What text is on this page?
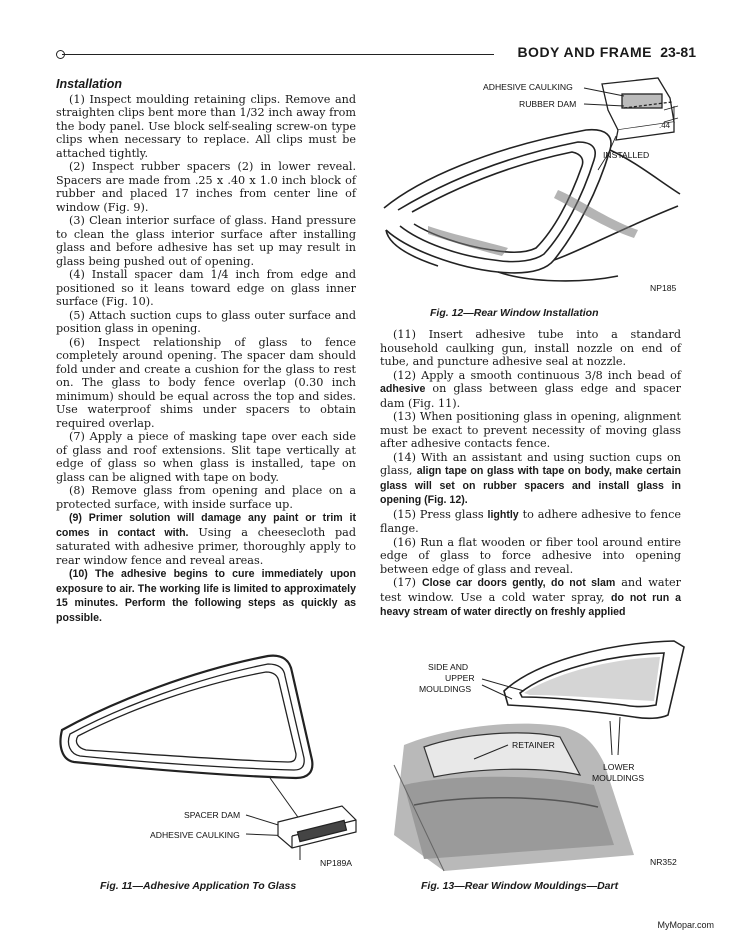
BODY AND FRAME 23-81

Installation

(1) Inspect moulding retaining clips. Remove and straighten clips bent more than 1/32 inch away from the body panel. Use block self-sealing screw-on type clips when necessary to replace. All clips must be attached tightly.

(2) Inspect rubber spacers (2) in lower reveal. Spacers are made from .25 x .40 x 1.0 inch block of rubber and placed 17 inches from center line of window (Fig. 9).

(3) Clean interior surface of glass. Hand pressure to clean the glass interior surface after installing glass and before adhesive has set up may result in glass being pushed out of opening.

(4) Install spacer dam 1/4 inch from edge and positioned so it leans toward edge on glass inner surface (Fig. 10).

(5) Attach suction cups to glass outer surface and position glass in opening.

(6) Inspect relationship of glass to fence completely around opening. The spacer dam should fold under and create a cushion for the glass to rest on. The glass to body fence overlap (0.30 inch minimum) should be equal across the top and sides. Use waterproof shims under spacers to obtain required overlap.

(7) Apply a piece of masking tape over each side of glass and roof extensions. Slit tape vertically at edge of glass so when glass is installed, tape on glass can be aligned with tape on body.

(8) Remove glass from opening and place on a protected surface, with inside surface up.

(9) Primer solution will damage any paint or trim it comes in contact with. Using a cheesecloth pad saturated with adhesive primer, thoroughly apply to rear window fence and reveal areas.

(10) The adhesive begins to cure immediately upon exposure to air. The working life is limited to approximately 15 minutes. Perform the following steps as quickly as possible.

.44
ADHESIVE CAULKING
RUBBER DAM
INSTALLED
NP185
Fig. 12—Rear Window Installation

(11) Insert adhesive tube into a standard household caulking gun, install nozzle on end of tube, and puncture adhesive seal at nozzle.

(12) Apply a smooth continuous 3/8 inch bead of adhesive on glass between glass edge and spacer dam (Fig. 11).

(13) When positioning glass in opening, alignment must be exact to prevent necessity of moving glass after adhesive contacts fence.

(14) With an assistant and using suction cups on glass, align tape on glass with tape on body, make certain glass will set on rubber spacers and install glass in opening (Fig. 12).

(15) Press glass lightly to adhere adhesive to fence flange.

(16) Run a flat wooden or fiber tool around entire edge of glass to force adhesive into opening between edge of glass and reveal.

(17) Close car doors gently, do not slam and water test window. Use a cold water spray, do not run a heavy stream of water directly on freshly applied

SPACER DAM
ADHESIVE CAULKING
NP189A
Fig. 11—Adhesive Application To Glass
SIDE AND
UPPER
MOULDINGS
RETAINER
LOWER
MOULDINGS
NR352
Fig. 13—Rear Window Mouldings—Dart
MyMopar.com
